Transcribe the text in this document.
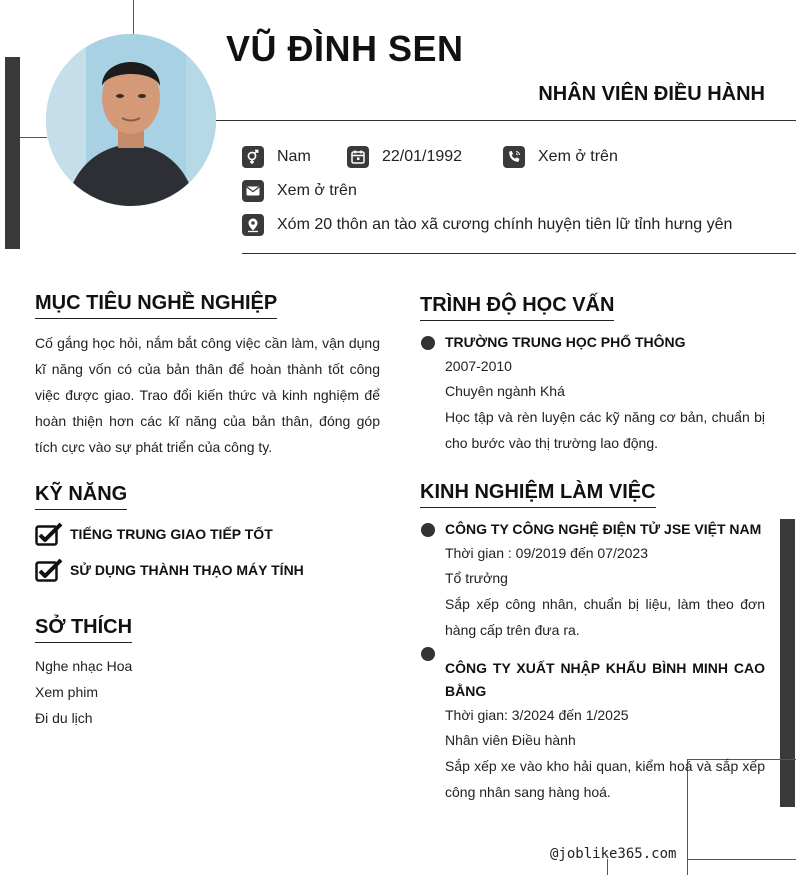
VŨ ĐÌNH SEN
NHÂN VIÊN ĐIỀU HÀNH
Nam	22/01/1992	Xem ở trên
Xem ở trên
Xóm 20 thôn an tào xã cương chính huyện tiên lữ tỉnh hưng yên
MỤC TIÊU NGHỀ NGHIỆP
Cố gắng học hỏi, nắm bắt công việc cần làm, vận dụng kĩ năng vốn có của bản thân để hoàn thành tốt công việc được giao. Trao đổi kiến thức và kinh nghiệm để hoàn thiện hơn các kĩ năng của bản thân, đóng góp tích cực vào sự phát triển của công ty.
KỸ NĂNG
TIẾNG TRUNG GIAO TIẾP TỐT
SỬ DỤNG THÀNH THẠO MÁY TÍNH
SỞ THÍCH
Nghe nhạc Hoa
Xem phim
Đi du lịch
TRÌNH ĐỘ HỌC VẤN
TRƯỜNG TRUNG HỌC PHỔ THÔNG
2007-2010
Chuyên ngành Khá
Học tập và rèn luyện các kỹ năng cơ bản, chuẩn bị cho bước vào thị trường lao động.
KINH NGHIỆM LÀM VIỆC
CÔNG TY CÔNG NGHỆ ĐIỆN TỬ JSE VIỆT NAM
Thời gian : 09/2019 đến 07/2023
Tổ trưởng
Sắp xếp công nhân, chuẩn bị liệu, làm theo đơn hàng cấp trên đưa ra.
CÔNG TY XUẤT NHẬP KHẨU BÌNH MINH CAO BẰNG
Thời gian: 3/2024 đến 1/2025
Nhân viên Điều hành
Sắp xếp xe vào kho hải quan, kiểm hoá và sắp xếp công nhân sang hàng hoá.
@joblike365.com
